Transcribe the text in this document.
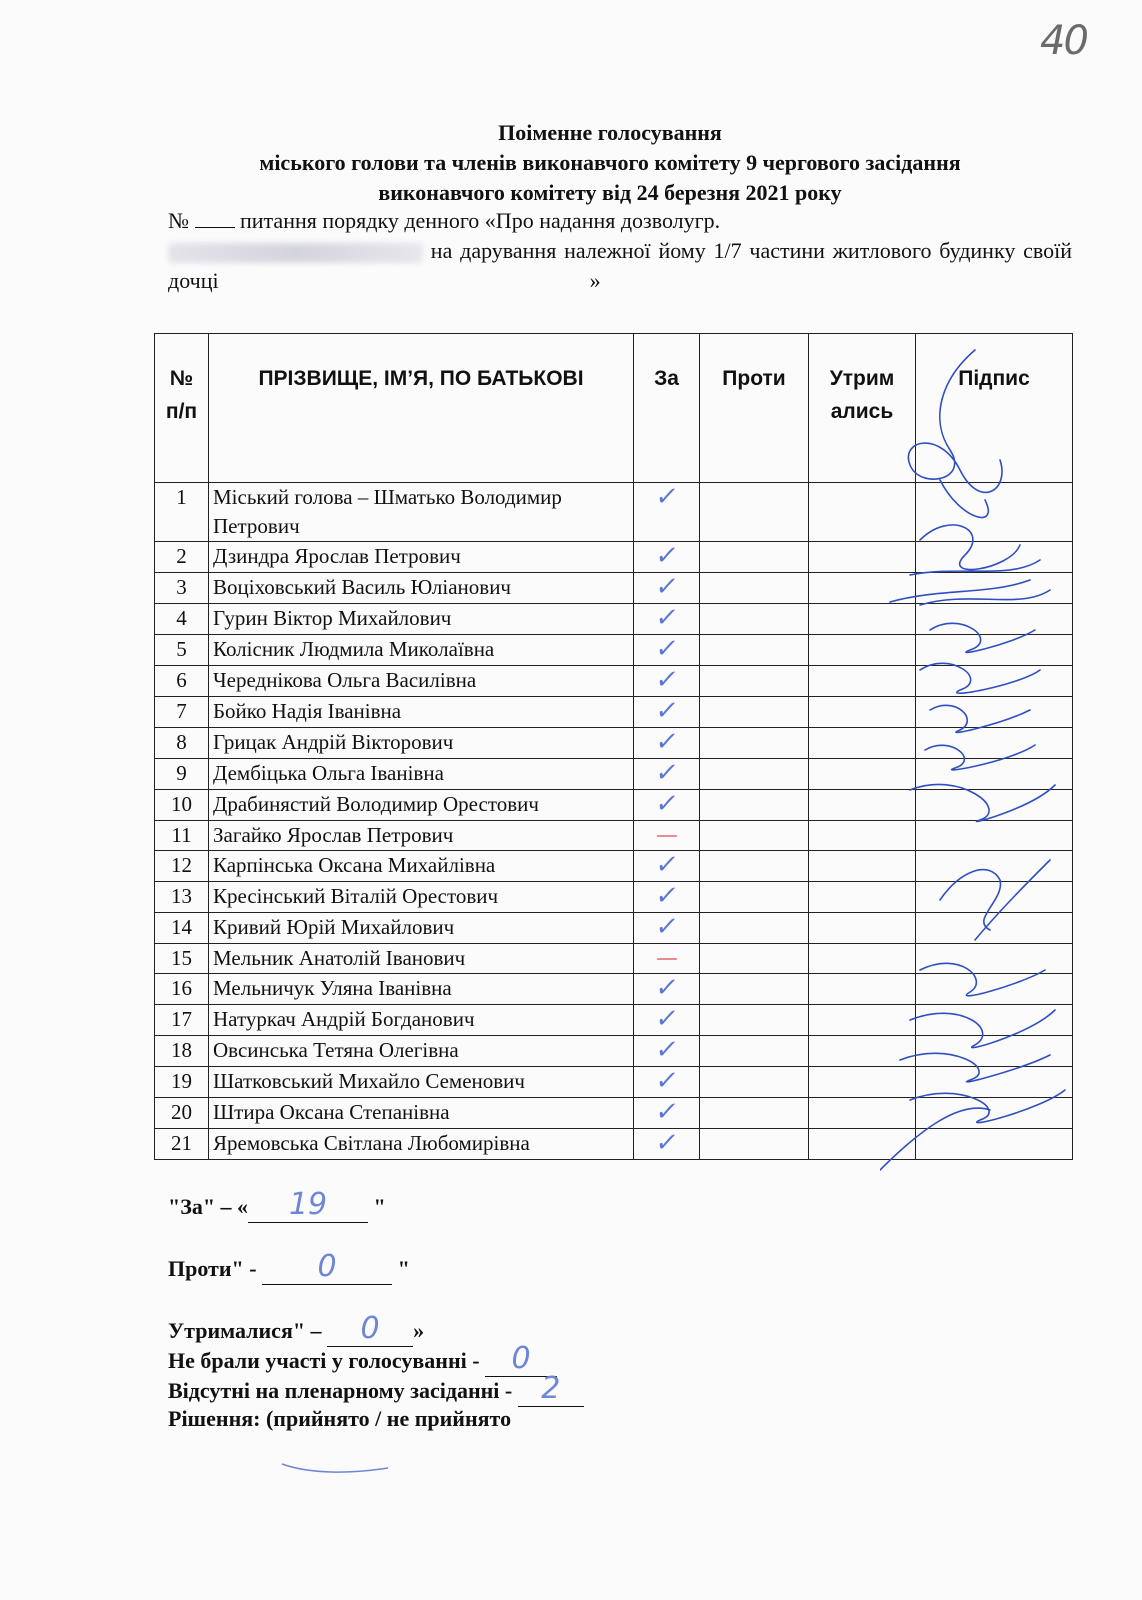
40
Поіменне голосування
міського голови та членів виконавчого комітету 9 чергового засідання
виконавчого комітету від 24 березня 2021 року
№ питання порядку денного «Про надання дозволугр.
на дарування належної йому 1/7 частини житлового будинку своїй дочці	»
№ п/п	ПРІЗВИЩЕ, ІМ’Я, ПО БАТЬКОВІ	За	Проти	Утрим ались	Підпис
1	Міський голова – Шматько Володимир Петрович	✓			
2	Дзиндра Ярослав Петрович	✓			
3	Воціховський Василь Юліанович	✓			
4	Гурин Віктор Михайлович	✓			
5	Колісник Людмила Миколаївна	✓			
6	Череднікова Ольга Василівна	✓			
7	Бойко Надія Іванівна	✓			
8	Грицак Андрій Вікторович	✓			
9	Дембіцька Ольга Іванівна	✓			
10	Драбинястий Володимир Орестович	✓			
11	Загайко Ярослав Петрович	—			
12	Карпінська Оксана Михайлівна	✓			
13	Кресінський Віталій Орестович	✓			
14	Кривий Юрій Михайлович	✓			
15	Мельник Анатолій Іванович	—			
16	Мельничук Уляна Іванівна	✓			
17	Натуркач Андрій Богданович	✓			
18	Овсинська Тетяна Олегівна	✓			
19	Шатковський Михайло Семенович	✓			
20	Штира Оксана Степанівна	✓			
21	Яремовська Світлана Любомирівна	✓			
"За" – « 19 "
Проти" - 0	"
Утрималися" – 0 »
Не брали участі у голосуванні - 0
Відсутні на пленарному засіданні - 2
Рішення: (прийнято / не прийнято
